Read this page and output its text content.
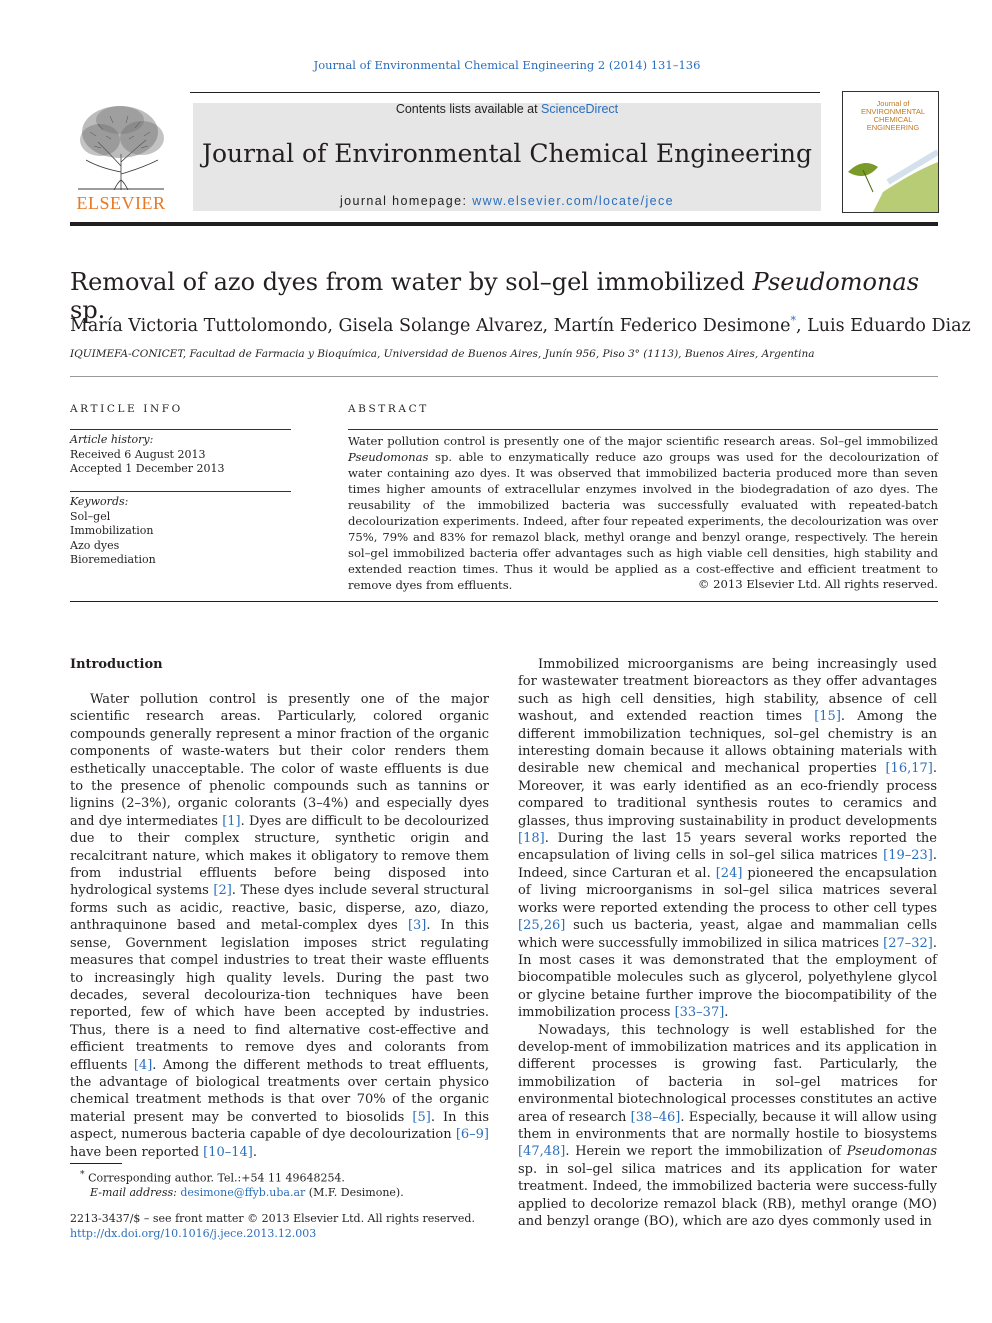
Journal of Environmental Chemical Engineering 2 (2014) 131–136
ELSEVIER
Contents lists available at ScienceDirect
Journal of Environmental Chemical Engineering
journal homepage: www.elsevier.com/locate/jece
Journal of ENVIRONMENTAL CHEMICAL ENGINEERING
Removal of azo dyes from water by sol–gel immobilized Pseudomonas sp.
María Victoria Tuttolomondo, Gisela Solange Alvarez, Martín Federico Desimone*, Luis Eduardo Diaz
IQUIMEFA-CONICET, Facultad de Farmacia y Bioquímica, Universidad de Buenos Aires, Junín 956, Piso 3° (1113), Buenos Aires, Argentina
ARTICLE INFO
Article history:
Received 6 August 2013
Accepted 1 December 2013
Keywords:
Sol–gel
Immobilization
Azo dyes
Bioremediation
ABSTRACT
Water pollution control is presently one of the major scientific research areas. Sol–gel immobilized Pseudomonas sp. able to enzymatically reduce azo groups was used for the decolourization of water containing azo dyes. It was observed that immobilized bacteria produced more than seven times higher amounts of extracellular enzymes involved in the biodegradation of azo dyes. The reusability of the immobilized bacteria was successfully evaluated with repeated-batch decolourization experiments. Indeed, after four repeated experiments, the decolourization was over 75%, 79% and 83% for remazol black, methyl orange and benzyl orange, respectively. The herein sol–gel immobilized bacteria offer advantages such as high viable cell densities, high stability and extended reaction times. Thus it would be applied as a cost-effective and efficient treatment to remove dyes from effluents.	© 2013 Elsevier Ltd. All rights reserved.
Introduction

Water pollution control is presently one of the major scientific research areas. Particularly, colored organic compounds generally represent a minor fraction of the organic components of waste-waters but their color renders them esthetically unacceptable. The color of waste effluents is due to the presence of phenolic compounds such as tannins or lignins (2–3%), organic colorants (3–4%) and especially dyes and dye intermediates [1]. Dyes are difficult to be decolourized due to their complex structure, synthetic origin and recalcitrant nature, which makes it obligatory to remove them from industrial effluents before being disposed into hydrological systems [2]. These dyes include several structural forms such as acidic, reactive, basic, disperse, azo, diazo, anthraquinone based and metal-complex dyes [3]. In this sense, Government legislation imposes strict regulating measures that compel industries to treat their waste effluents to increasingly high quality levels. During the past two decades, several decolouriza-tion techniques have been reported, few of which have been accepted by industries. Thus, there is a need to find alternative cost-effective and efficient treatments to remove dyes and colorants from effluents [4]. Among the different methods to treat effluents, the advantage of biological treatments over certain physico chemical treatment methods is that over 70% of the organic material present may be converted to biosolids [5]. In this aspect, numerous bacteria capable of dye decolourization [6–9] have been reported [10–14].

Immobilized microorganisms are being increasingly used for wastewater treatment bioreactors as they offer advantages such as high cell densities, high stability, absence of cell washout, and extended reaction times [15]. Among the different immobilization techniques, sol–gel chemistry is an interesting domain because it allows obtaining materials with desirable new chemical and mechanical properties [16,17]. Moreover, it was early identified as an eco-friendly process compared to traditional synthesis routes to ceramics and glasses, thus improving sustainability in product developments [18]. During the last 15 years several works reported the encapsulation of living cells in sol–gel silica matrices [19–23]. Indeed, since Carturan et al. [24] pioneered the encapsulation of living microorganisms in sol–gel silica matrices several works were reported extending the process to other cell types [25,26] such us bacteria, yeast, algae and mammalian cells which were successfully immobilized in silica matrices [27–32]. In most cases it was demonstrated that the employment of biocompatible molecules such as glycerol, polyethylene glycol or glycine betaine further improve the biocompatibility of the immobilization process [33–37].

Nowadays, this technology is well established for the develop-ment of immobilization matrices and its application in different processes is growing fast. Particularly, the immobilization of bacteria in sol–gel matrices for environmental biotechnological processes constitutes an active area of research [38–46]. Especially, because it will allow using them in environments that are normally hostile to biosystems [47,48]. Herein we report the immobilization of Pseudomonas sp. in sol–gel silica matrices and its application for water treatment. Indeed, the immobilized bacteria were success-fully applied to decolorize remazol black (RB), methyl orange (MO) and benzyl orange (BO), which are azo dyes commonly used in

* Corresponding author. Tel.:+54 11 49648254.
E-mail address: desimone@ffyb.uba.ar (M.F. Desimone).
2213-3437/$ – see front matter © 2013 Elsevier Ltd. All rights reserved.
http://dx.doi.org/10.1016/j.jece.2013.12.003
